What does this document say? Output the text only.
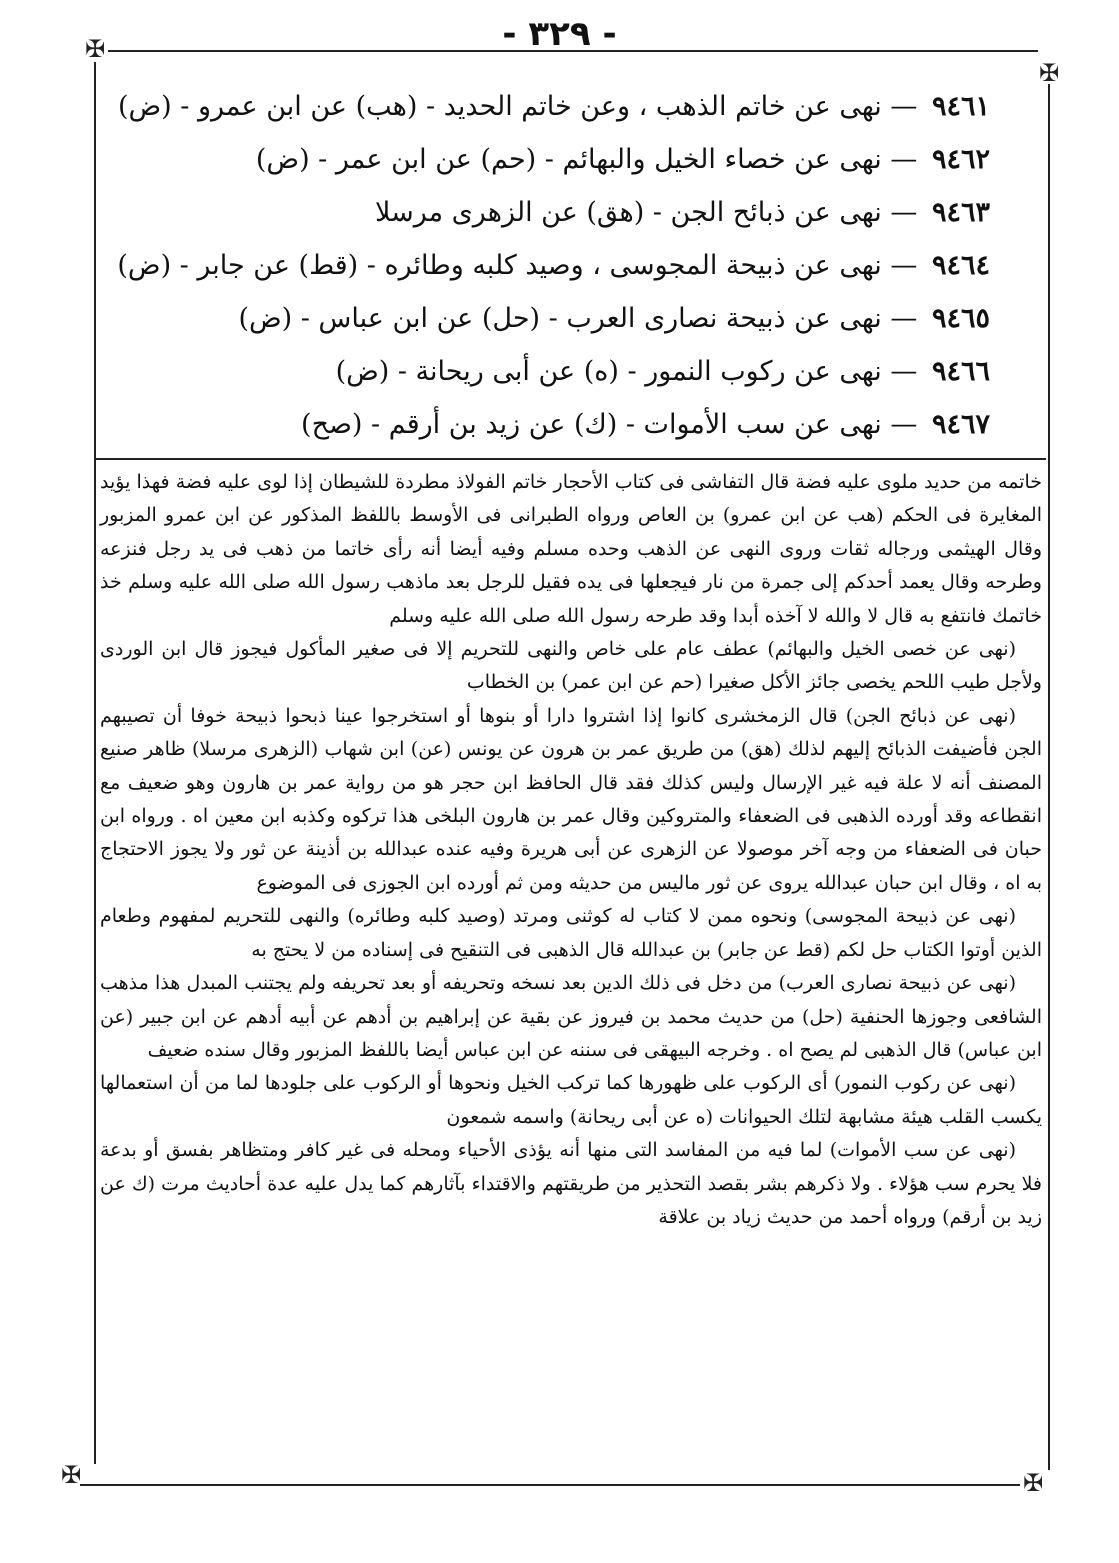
- ٣٢٩ -
✠
✠
✠	✠
٩٤٦١ — نهى عن خاتم الذهب ، وعن خاتم الحديد - (هب) عن ابن عمرو - (ض)
٩٤٦٢ — نهى عن خصاء الخيل والبهائم - (حم) عن ابن عمر - (ض)
٩٤٦٣ — نهى عن ذبائح الجن - (هق) عن الزهرى مرسلا
٩٤٦٤ — نهى عن ذبيحة المجوسى ، وصيد كلبه وطائره - (قط) عن جابر - (ض)
٩٤٦٥ — نهى عن ذبيحة نصارى العرب - (حل) عن ابن عباس - (ض)
٩٤٦٦ — نهى عن ركوب النمور - (ه) عن أبى ريحانة - (ض)
٩٤٦٧ — نهى عن سب الأموات - (ك) عن زيد بن أرقم - (صح)

خاتمه من حديد ملوى عليه فضة قال التفاشى فى كتاب الأحجار خاتم الفولاذ مطردة للشيطان إذا لوى عليه فضة فهذا يؤيد المغايرة فى الحكم (هب عن ابن عمرو) بن العاص ورواه الطبرانى فى الأوسط باللفظ المذكور عن ابن عمرو المزبور وقال الهيثمى ورجاله ثقات وروى النهى عن الذهب وحده مسلم وفيه أيضا أنه رأى خاتما من ذهب فى يد رجل فنزعه وطرحه وقال يعمد أحدكم إلى جمرة من نار فيجعلها فى يده فقيل للرجل بعد ماذهب رسول الله صلى الله عليه وسلم خذ خاتمك فانتفع به قال لا والله لا آخذه أبدا وقد طرحه رسول الله صلى الله عليه وسلم

(نهى عن خصى الخيل والبهائم) عطف عام على خاص والنهى للتحريم إلا فى صغير المأكول فيجوز قال ابن الوردى ولأجل طيب اللحم يخصى جائز الأكل صغيرا (حم عن ابن عمر) بن الخطاب

(نهى عن ذبائح الجن) قال الزمخشرى كانوا إذا اشتروا دارا أو بنوها أو استخرجوا عينا ذبحوا ذبيحة خوفا أن تصيبهم الجن فأضيفت الذبائح إليهم لذلك (هق) من طريق عمر بن هرون عن يونس (عن) ابن شهاب (الزهرى مرسلا) ظاهر صنيع المصنف أنه لا علة فيه غير الإرسال وليس كذلك فقد قال الحافظ ابن حجر هو من رواية عمر بن هارون وهو ضعيف مع انقطاعه وقد أورده الذهبى فى الضعفاء والمتروكين وقال عمر بن هارون البلخى هذا تركوه وكذبه ابن معين اه . ورواه ابن حبان فى الضعفاء من وجه آخر موصولا عن الزهرى عن أبى هريرة وفيه عنده عبدالله بن أذينة عن ثور ولا يجوز الاحتجاج به اه ، وقال ابن حبان عبدالله يروى عن ثور ماليس من حديثه ومن ثم أورده ابن الجوزى فى الموضوع

(نهى عن ذبيحة المجوسى) ونحوه ممن لا كتاب له كوثنى ومرتد (وصيد كلبه وطائره) والنهى للتحريم لمفهوم وطعام الذين أوتوا الكتاب حل لكم (قط عن جابر) بن عبدالله قال الذهبى فى التنقيح فى إسناده من لا يحتج به

(نهى عن ذبيحة نصارى العرب) من دخل فى ذلك الدين بعد نسخه وتحريفه أو بعد تحريفه ولم يجتنب المبدل هذا مذهب الشافعى وجوزها الحنفية (حل) من حديث محمد بن فيروز عن بقية عن إبراهيم بن أدهم عن أبيه أدهم عن ابن جبير (عن ابن عباس) قال الذهبى لم يصح اه . وخرجه البيهقى فى سننه عن ابن عباس أيضا باللفظ المزبور وقال سنده ضعيف

(نهى عن ركوب النمور) أى الركوب على ظهورها كما تركب الخيل ونحوها أو الركوب على جلودها لما من أن استعمالها يكسب القلب هيئة مشابهة لتلك الحيوانات (ه عن أبى ريحانة) واسمه شمعون

(نهى عن سب الأموات) لما فيه من المفاسد التى منها أنه يؤذى الأحياء ومحله فى غير كافر ومتظاهر بفسق أو بدعة فلا يحرم سب هؤلاء . ولا ذكرهم بشر بقصد التحذير من طريقتهم والاقتداء بآثارهم كما يدل عليه عدة أحاديث مرت (ك عن زيد بن أرقم) ورواه أحمد من حديث زياد بن علاقة
